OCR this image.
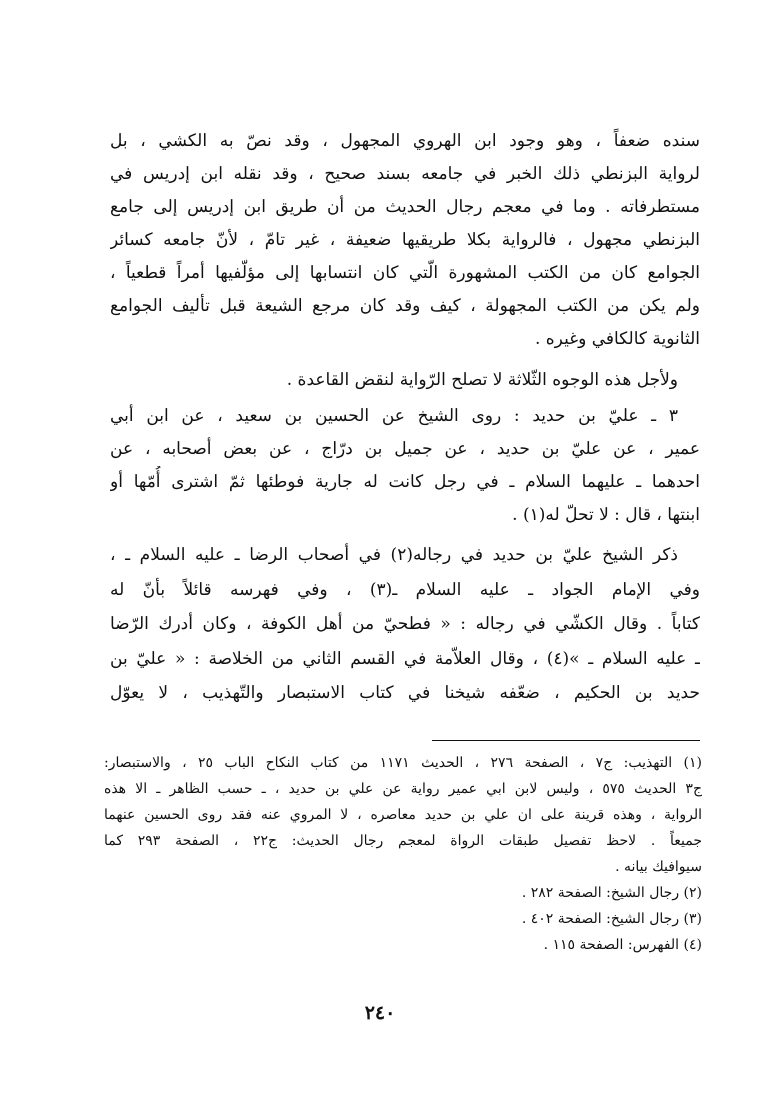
سنده ضعفاً ، وهو وجود ابن الهروي المجهول ، وقد نصّ به الكشي ، بل
لرواية البزنطي ذلك الخبر في جامعه بسند صحيح ، وقد نقله ابن إدريس في
مستطرفاته . وما في معجم رجال الحديث من أن طريق ابن إدريس إلى جامع
البزنطي مجهول ، فالرواية بكلا طريقيها ضعيفة ، غير تامّ ، لأنّ جامعه كسائر
الجوامع كان من الكتب المشهورة الّتي كان انتسابها إلى مؤلّفيها أمراً قطعياً ،
ولم يكن من الكتب المجهولة ، كيف وقد كان مرجع الشيعة قبل تأليف الجوامع
الثانوية كالكافي وغيره .
ولأجل هذه الوجوه الثّلاثة لا تصلح الرّواية لنقض القاعدة .
٣ ـ عليّ بن حديد : روى الشيخ عن الحسين بن سعيد ، عن ابن أبي
عمير ، عن عليّ بن حديد ، عن جميل بن درّاج ، عن بعض أصحابه ، عن
احدهما ـ عليهما السلام ـ في رجل كانت له جارية فوطئها ثمّ اشترى أُمّها أو
ابنتها ، قال : لا تحلّ له(١) .
ذكر الشيخ عليّ بن حديد في رجاله(٢) في أصحاب الرضا ـ عليه السلام ـ ،
وفي الإمام الجواد ـ عليه السلام ـ(٣) ، وفي فهرسه قائلاً بأنّ له
كتاباً . وقال الكشّي في رجاله : « فطحيّ من أهل الكوفة ، وكان أدرك الرّضا
ـ عليه السلام ـ »(٤) ، وقال العلاّمة في القسم الثاني من الخلاصة : « عليّ بن
حديد بن الحكيم ، ضعّفه شيخنا في كتاب الاستبصار والتّهذيب ، لا يعوّل
(١) التهذيب: ج٧ ، الصفحة ٢٧٦ ، الحديث ١١٧١ من كتاب النكاح الباب ٢٥ ، والاستبصار:
ج٣ الحديث ٥٧٥ ، وليس لابن ابي عمير رواية عن علي بن حديد ، ـ حسب الظاهر ـ الا هذه
الرواية ، وهذه قرينة على ان علي بن حديد معاصره ، لا المروي عنه فقد روى الحسين عنهما
جميعاً . لاحظ تفصيل طبقات الرواة لمعجم رجال الحديث: ج٢٢ ، الصفحة ٢٩٣ كما
سيوافيك بيانه .
(٢) رجال الشيخ: الصفحة ٢٨٢ .
(٣) رجال الشيخ: الصفحة ٤٠٢ .
(٤) الفهرس: الصفحة ١١٥ .
٢٤٠
